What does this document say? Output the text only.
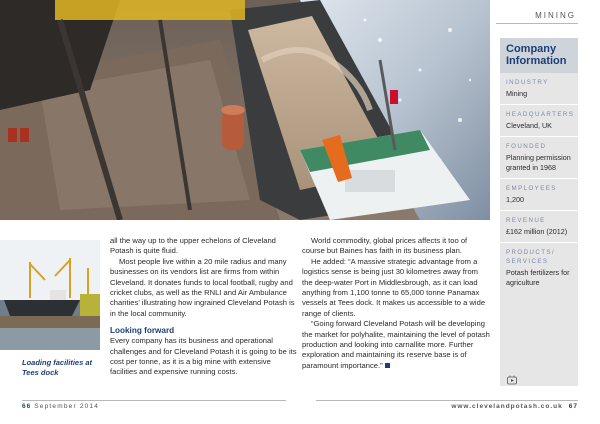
Loading facilities at Tees dock

all the way up to the upper echelons of Cleveland Potash is quite fluid.

Most people live within a 20 mile radius and many businesses on its vendors list are firms from within Cleveland. It donates funds to local football, rugby and cricket clubs, as well as the RNLI and Air Ambulance charities’ illustrating how ingrained Cleveland Potash is in the local community.

Looking forward

Every company has its business and operational challenges and for Cleveland Potash it is going to be its cost per tonne, as it is a big mine with extensive facilities and expensive running costs.

World commodity, global prices affects it too of course but Baines has faith in its business plan.

He added: “A massive strategic advantage from a logistics sense is being just 30 kilometres away from the deep-water Port in Middlesbrough, as it can load anything from 1,100 tonne to 65,000 tonne Panamax vessels at Tees dock. It makes us accessible to a wide range of clients.

“Going forward Cleveland Potash will be developing the market for polyhalite, maintaining the level of potash production and looking into carnallite more. Further exploration and maintaining its reserve base is of paramount importance.”

MINING
Company Information
INDUSTRY
Mining
HEADQUARTERS
Cleveland, UK
FOUNDED
Planning permission granted in 1968
EMPLOYEES
1,200
REVENUE
£162 million (2012)
PRODUCTS/ SERVICES
Potash fertilizers for agriculture
66 September 2014	www.clevelandpotash.co.uk 67
